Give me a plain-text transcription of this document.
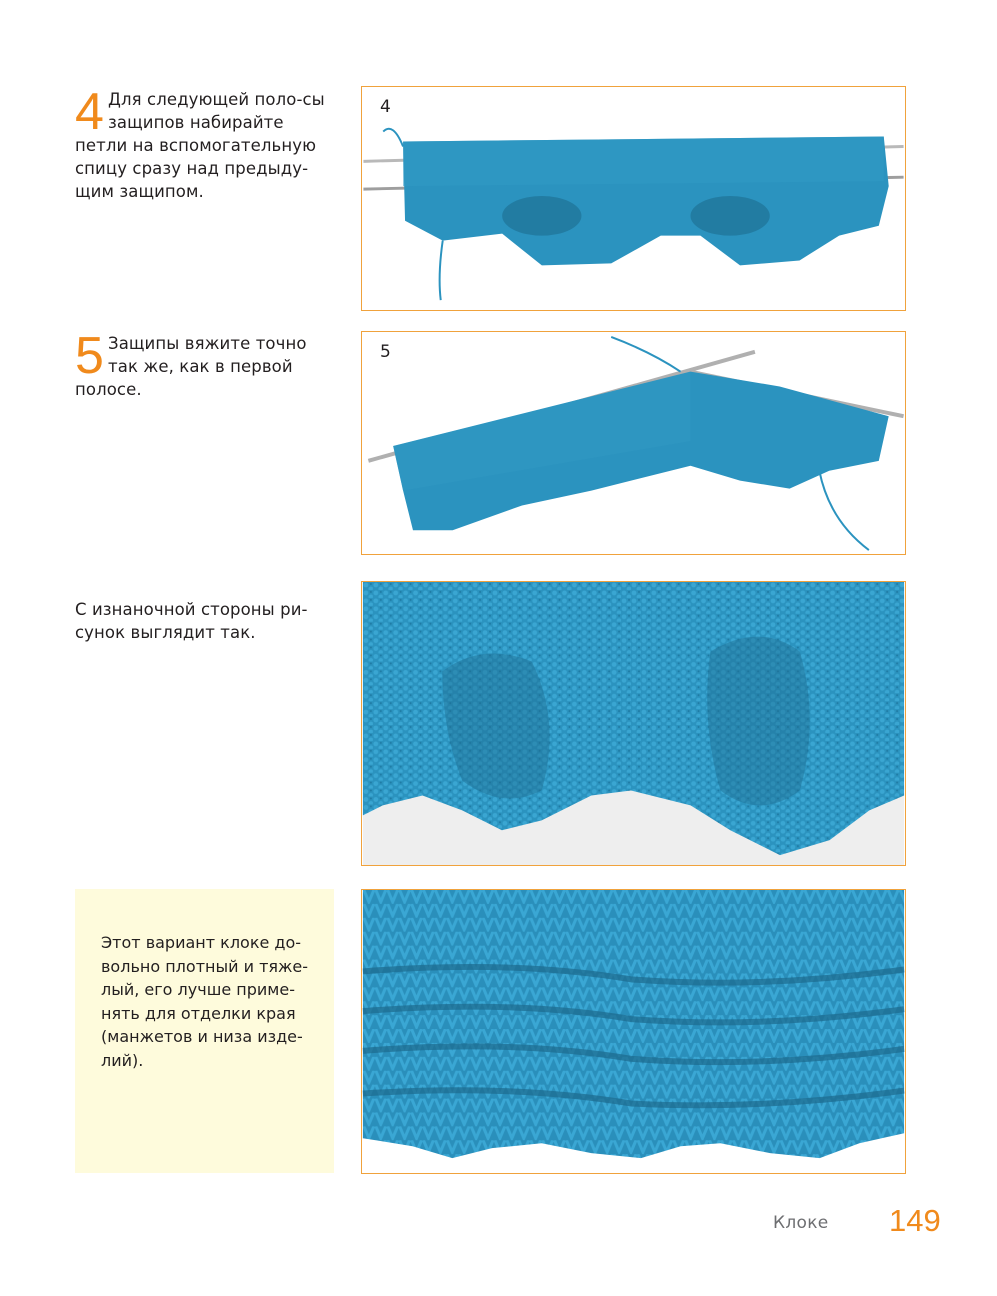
4 Для следующей поло-сы защипов набирайте петли на вспомогательную спицу сразу над предыду-щим защипом.
5 Защипы вяжите точно так же, как в первой полосе.
С изнаночной стороны ри-сунок выглядит так.
4
5
Этот вариант клоке до-вольно плотный и тяже-лый, его лучше приме-нять для отделки края (манжетов и низа изде-лий).
Клоке 149
